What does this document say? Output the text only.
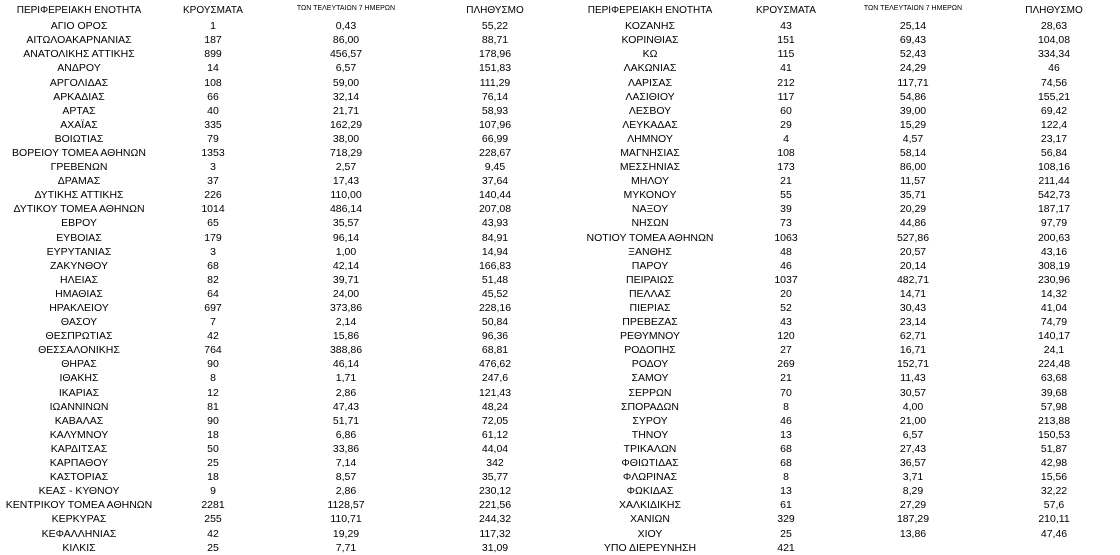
ΠΕΡΙΦΕΡΕΙΑΚΗ ΕΝΟΤΗΤΑ	ΚΡΟΥΣΜΑΤΑ	ΤΩΝ ΤΕΛΕΥΤΑΙΩΝ 7 ΗΜΕΡΩΝ	ΠΛΗΘΥΣΜΟ
ΑΓΙΟ ΟΡΟΣ	1	0,43	55,22
ΑΙΤΩΛΟΑΚΑΡΝΑΝΙΑΣ	187	86,00	88,71
ΑΝΑΤΟΛΙΚΗΣ ΑΤΤΙΚΗΣ	899	456,57	178,96
ΑΝΔΡΟΥ	14	6,57	151,83
ΑΡΓΟΛΙΔΑΣ	108	59,00	111,29
ΑΡΚΑΔΙΑΣ	66	32,14	76,14
ΑΡΤΑΣ	40	21,71	58,93
ΑΧΑΪΑΣ	335	162,29	107,96
ΒΟΙΩΤΙΑΣ	79	38,00	66,99
ΒΟΡΕΙΟΥ ΤΟΜΕΑ ΑΘΗΝΩΝ	1353	718,29	228,67
ΓΡΕΒΕΝΩΝ	3	2,57	9,45
ΔΡΑΜΑΣ	37	17,43	37,64
ΔΥΤΙΚΗΣ ΑΤΤΙΚΗΣ	226	110,00	140,44
ΔΥΤΙΚΟΥ ΤΟΜΕΑ ΑΘΗΝΩΝ	1014	486,14	207,08
ΕΒΡΟΥ	65	35,57	43,93
ΕΥΒΟΙΑΣ	179	96,14	84,91
ΕΥΡΥΤΑΝΙΑΣ	3	1,00	14,94
ΖΑΚΥΝΘΟΥ	68	42,14	166,83
ΗΛΕΙΑΣ	82	39,71	51,48
ΗΜΑΘΙΑΣ	64	24,00	45,52
ΗΡΑΚΛΕΙΟΥ	697	373,86	228,16
ΘΑΣΟΥ	7	2,14	50,84
ΘΕΣΠΡΩΤΙΑΣ	42	15,86	96,36
ΘΕΣΣΑΛΟΝΙΚΗΣ	764	388,86	68,81
ΘΗΡΑΣ	90	46,14	476,62
ΙΘΑΚΗΣ	8	1,71	247,6
ΙΚΑΡΙΑΣ	12	2,86	121,43
ΙΩΑΝΝΙΝΩΝ	81	47,43	48,24
ΚΑΒΑΛΑΣ	90	51,71	72,05
ΚΑΛΥΜΝΟΥ	18	6,86	61,12
ΚΑΡΔΙΤΣΑΣ	50	33,86	44,04
ΚΑΡΠΑΘΟΥ	25	7,14	342
ΚΑΣΤΟΡΙΑΣ	18	8,57	35,77
ΚΕΑΣ - ΚΥΘΝΟΥ	9	2,86	230,12
ΚΕΝΤΡΙΚΟΥ ΤΟΜΕΑ ΑΘΗΝΩΝ	2281	1128,57	221,56
ΚΕΡΚΥΡΑΣ	255	110,71	244,32
ΚΕΦΑΛΛΗΝΙΑΣ	42	19,29	117,32
ΚΙΛΚΙΣ	25	7,71	31,09
ΠΕΡΙΦΕΡΕΙΑΚΗ ΕΝΟΤΗΤΑ	ΚΡΟΥΣΜΑΤΑ	ΤΩΝ ΤΕΛΕΥΤΑΙΩΝ 7 ΗΜΕΡΩΝ	ΠΛΗΘΥΣΜΟ
ΚΟΖΑΝΗΣ	43	25,14	28,63
ΚΟΡΙΝΘΙΑΣ	151	69,43	104,08
ΚΩ	115	52,43	334,34
ΛΑΚΩΝΙΑΣ	41	24,29	46
ΛΑΡΙΣΑΣ	212	117,71	74,56
ΛΑΣΙΘΙΟΥ	117	54,86	155,21
ΛΕΣΒΟΥ	60	39,00	69,42
ΛΕΥΚΑΔΑΣ	29	15,29	122,4
ΛΗΜΝΟΥ	4	4,57	23,17
ΜΑΓΝΗΣΙΑΣ	108	58,14	56,84
ΜΕΣΣΗΝΙΑΣ	173	86,00	108,16
ΜΗΛΟΥ	21	11,57	211,44
ΜΥΚΟΝΟΥ	55	35,71	542,73
ΝΑΞΟΥ	39	20,29	187,17
ΝΗΣΩΝ	73	44,86	97,79
ΝΟΤΙΟΥ ΤΟΜΕΑ ΑΘΗΝΩΝ	1063	527,86	200,63
ΞΑΝΘΗΣ	48	20,57	43,16
ΠΑΡΟΥ	46	20,14	308,19
ΠΕΙΡΑΙΩΣ	1037	482,71	230,96
ΠΕΛΛΑΣ	20	14,71	14,32
ΠΙΕΡΙΑΣ	52	30,43	41,04
ΠΡΕΒΕΖΑΣ	43	23,14	74,79
ΡΕΘΥΜΝΟΥ	120	62,71	140,17
ΡΟΔΟΠΗΣ	27	16,71	24,1
ΡΟΔΟΥ	269	152,71	224,48
ΣΑΜΟΥ	21	11,43	63,68
ΣΕΡΡΩΝ	70	30,57	39,68
ΣΠΟΡΑΔΩΝ	8	4,00	57,98
ΣΥΡΟΥ	46	21,00	213,88
ΤΗΝΟΥ	13	6,57	150,53
ΤΡΙΚΑΛΩΝ	68	27,43	51,87
ΦΘΙΩΤΙΔΑΣ	68	36,57	42,98
ΦΛΩΡΙΝΑΣ	8	3,71	15,56
ΦΩΚΙΔΑΣ	13	8,29	32,22
ΧΑΛΚΙΔΙΚΗΣ	61	27,29	57,6
ΧΑΝΙΩΝ	329	187,29	210,11
ΧΙΟΥ	25	13,86	47,46
ΥΠΟ ΔΙΕΡΕΥΝΗΣΗ	421		
